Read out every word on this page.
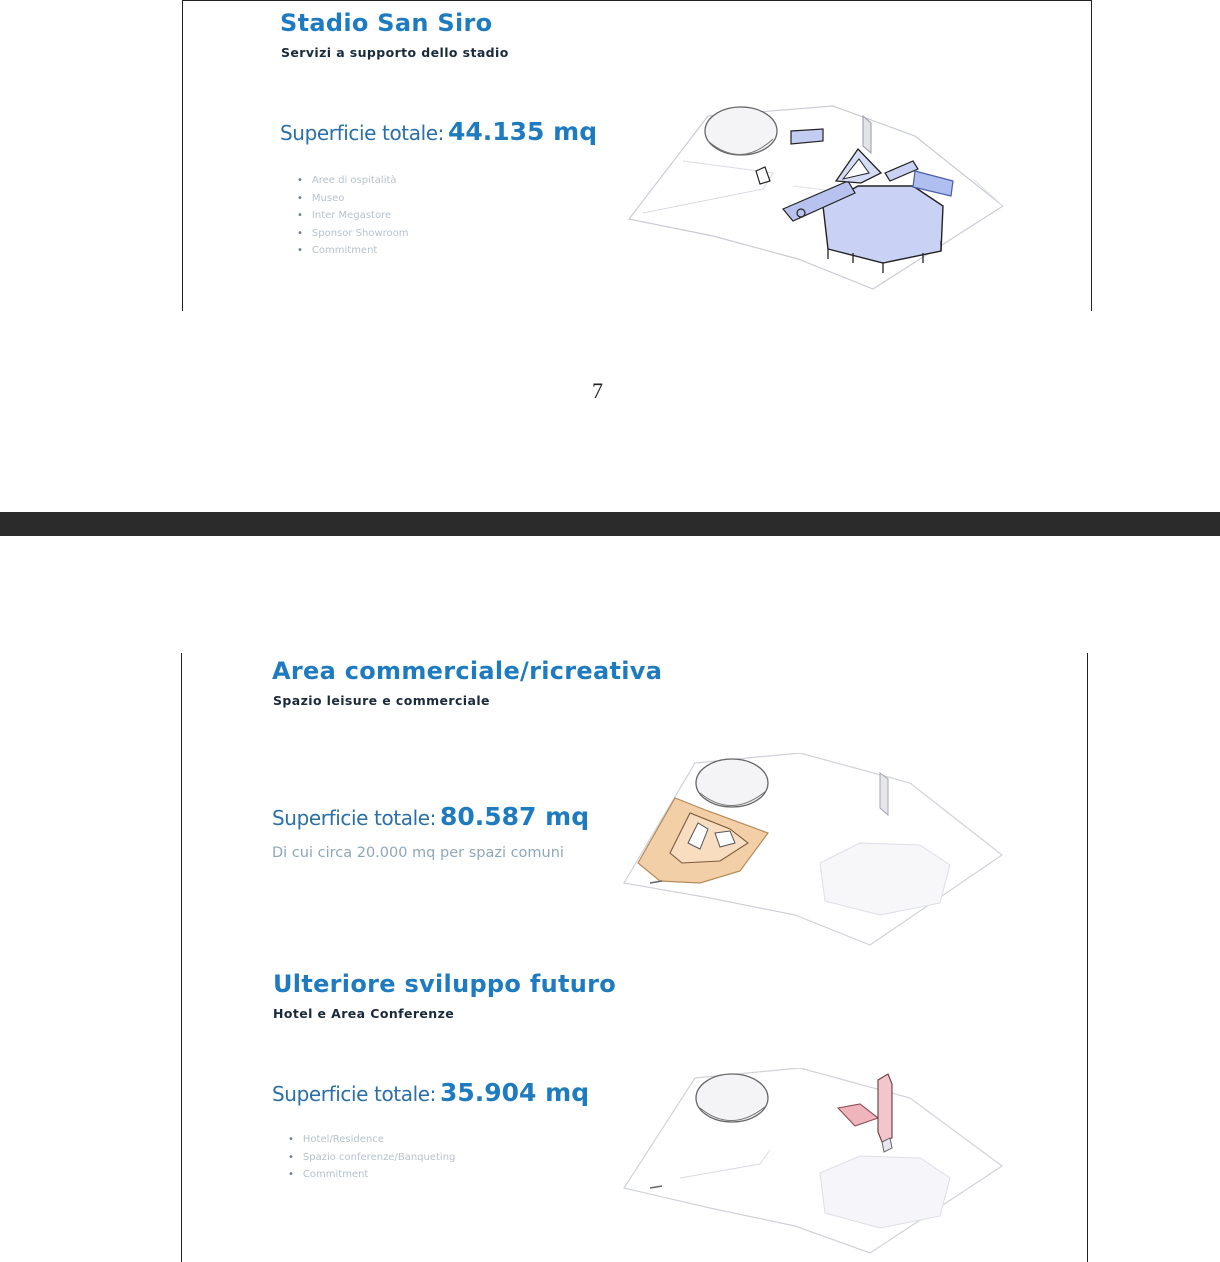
Stadio San Siro

Servizi a supporto dello stadio

Superficie totale: 44.135 mq

• Aree di ospitalità
• Museo
• Inter Megastore
• Sponsor Showroom
• Commitment

7

Area commerciale/ricreativa

Spazio leisure e commerciale

Superficie totale: 80.587 mq

Di cui circa 20.000 mq per spazi comuni

Ulteriore sviluppo futuro

Hotel e Area Conferenze

Superficie totale: 35.904 mq

• Hotel/Residence
• Spazio conferenze/Banqueting
• Commitment
